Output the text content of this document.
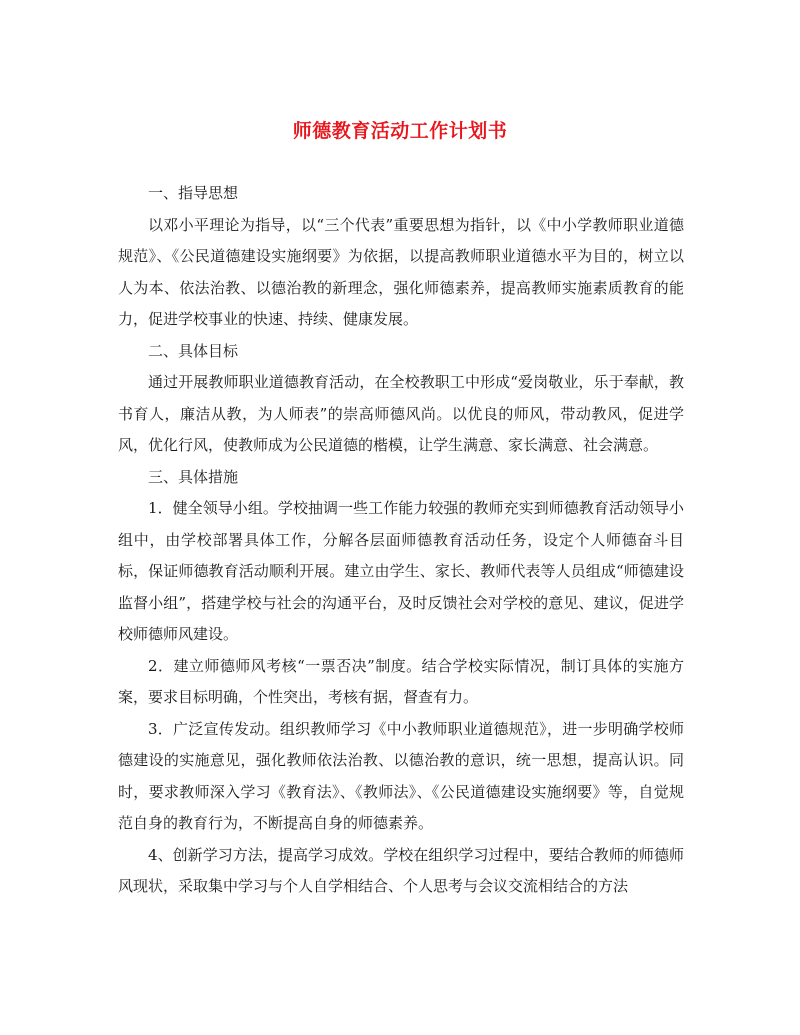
师德教育活动工作计划书

一、指导思想

以邓小平理论为指导，以“三个代表”重要思想为指针，以《中小学教师职业道德规范》、《公民道德建设实施纲要》为依据，以提高教师职业道德水平为目的，树立以人为本、依法治教、以德治教的新理念，强化师德素养，提高教师实施素质教育的能力，促进学校事业的快速、持续、健康发展。

二、具体目标

通过开展教师职业道德教育活动，在全校教职工中形成“爱岗敬业，乐于奉献，教书育人，廉洁从教，为人师表”的崇高师德风尚。以优良的师风，带动教风，促进学风，优化行风，使教师成为公民道德的楷模，让学生满意、家长满意、社会满意。

三、具体措施

1．健全领导小组。学校抽调一些工作能力较强的教师充实到师德教育活动领导小组中，由学校部署具体工作，分解各层面师德教育活动任务，设定个人师德奋斗目标，保证师德教育活动顺利开展。建立由学生、家长、教师代表等人员组成“师德建设监督小组”，搭建学校与社会的沟通平台，及时反馈社会对学校的意见、建议，促进学校师德师风建设。

2．建立师德师风考核“一票否决”制度。结合学校实际情况，制订具体的实施方案，要求目标明确，个性突出，考核有据，督查有力。

3．广泛宣传发动。组织教师学习《中小教师职业道德规范》，进一步明确学校师德建设的实施意见，强化教师依法治教、以德治教的意识，统一思想，提高认识。同时，要求教师深入学习《教育法》、《教师法》、《公民道德建设实施纲要》等，自觉规范自身的教育行为，不断提高自身的师德素养。

4、创新学习方法，提高学习成效。学校在组织学习过程中，要结合教师的师德师风现状，采取集中学习与个人自学相结合、个人思考与会议交流相结合的方法
